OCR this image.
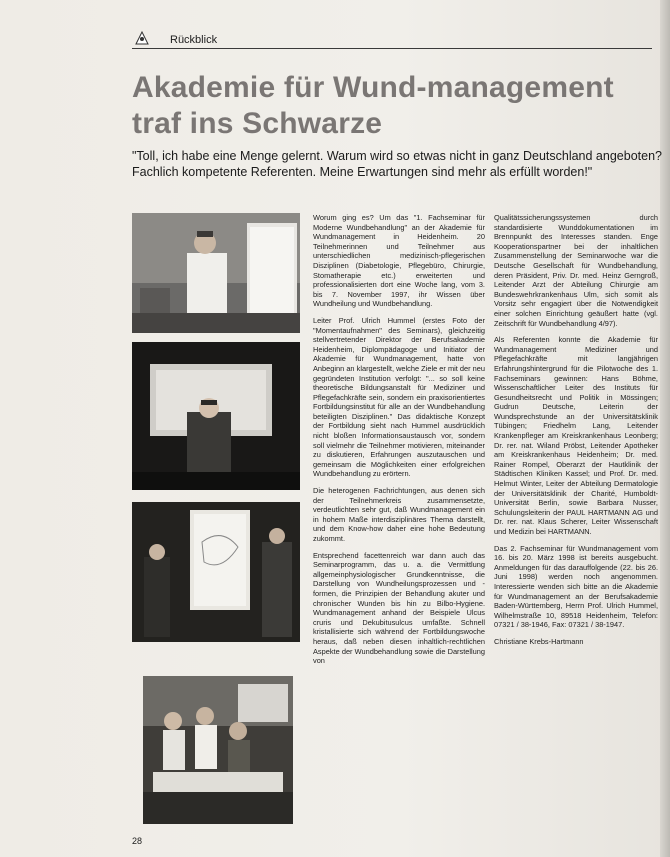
Rückblick
Akademie für Wund-management traf ins Schwarze
"Toll, ich habe eine Menge gelernt. Warum wird so etwas nicht in ganz Deutschland angeboten? Fachlich kompetente Referenten. Meine Erwartungen sind mehr als erfüllt worden!"

Worum ging es? Um das "1. Fachseminar für Moderne Wundbehandlung" an der Akademie für Wundmanagement in Heidenheim. 20 Teilnehmerinnen und Teilnehmer aus unterschiedlichen medizinisch-pflegerischen Disziplinen (Diabetologie, Pflegebüro, Chirurgie, Stomatherapie etc.) erweiterten und professionalisierten dort eine Woche lang, vom 3. bis 7. November 1997, ihr Wissen über Wundheilung und Wundbehandlung.

Leiter Prof. Ulrich Hummel (erstes Foto der "Momentaufnahmen" des Seminars), gleichzeitig stellvertretender Direktor der Berufsakademie Heidenheim, Diplompädagoge und Initiator der Akademie für Wundmanagement, hatte von Anbeginn an klargestellt, welche Ziele er mit der neu gegründeten Institution verfolgt: "... so soll keine theoretische Bildungsanstalt für Mediziner und Pflegefachkräfte sein, sondern ein praxisorientiertes Fortbildungsinstitut für alle an der Wundbehandlung beteiligten Disziplinen." Das didaktische Konzept der Fortbildung sieht nach Hummel ausdrücklich nicht bloßen Informationsaustausch vor, sondern soll vielmehr die Teilnehmer motivieren, miteinander zu diskutieren, Erfahrungen auszutauschen und gemeinsam die Möglichkeiten einer erfolgreichen Wundbehandlung zu erörtern.

Die heterogenen Fachrichtungen, aus denen sich der Teilnehmerkreis zusammensetzte, verdeutlichten sehr gut, daß Wundmanagement ein in hohem Maße interdisziplinäres Thema darstellt, und dem Know-how daher eine hohe Bedeutung zukommt.

Entsprechend facettenreich war dann auch das Seminarprogramm, das u. a. die Vermittlung allgemeinphysiologischer Grundkenntnisse, die Darstellung von Wundheilungsprozessen und -formen, die Prinzipien der Behandlung akuter und chronischer Wunden bis hin zu Bilbo-Hygiene. Wundmanagement anhand der Beispiele Ulcus cruris und Dekubitusulcus umfaßte. Schnell kristallisierte sich während der Fortbildungswoche heraus, daß neben diesen inhaltlich-rechtlichen Aspekte der Wundbehandlung sowie die Darstellung von

Qualitätssicherungssystemen durch standardisierte Wunddokumentationen im Brennpunkt des Interesses standen. Enge Kooperationspartner bei der inhaltlichen Zusammenstellung der Seminarwoche war die Deutsche Gesellschaft für Wundbehandlung, deren Präsident, Priv. Dr. med. Heinz Gerngroß, Leitender Arzt der Abteilung Chirurgie am Bundeswehrkrankenhaus Ulm, sich somit als Vorsitz sehr engagiert über die Notwendigkeit einer solchen Einrichtung geäußert hatte (vgl. Zeitschrift für Wundbehandlung 4/97).

Als Referenten konnte die Akademie für Wundmanagement Mediziner und Pflegefachkräfte mit langjährigen Erfahrungshintergrund für die Pilotwoche des 1. Fachseminars gewinnen: Hans Böhme, Wissenschaftlicher Leiter des Instituts für Gesundheitsrecht und Politik in Mössingen; Gudrun Deutsche, Leiterin der Wundsprechstunde an der Universitätsklinik Tübingen; Friedhelm Lang, Leitender Krankenpfleger am Kreiskrankenhaus Leonberg; Dr. rer. nat. Wiland Pröbst, Leitender Apotheker am Kreiskrankenhaus Heidenheim; Dr. med. Rainer Rompel, Oberarzt der Hautklinik der Städtischen Kliniken Kassel; und Prof. Dr. med. Helmut Winter, Leiter der Abteilung Dermatologie der Universitätsklinik der Charité, Humboldt-Universität Berlin, sowie Barbara Nusser, Schulungsleiterin der PAUL HARTMANN AG und Dr. rer. nat. Klaus Scherer, Leiter Wissenschaft und Medizin bei HARTMANN.

Das 2. Fachseminar für Wundmanagement vom 16. bis 20. März 1998 ist bereits ausgebucht. Anmeldungen für das darauffolgende (22. bis 26. Juni 1998) werden noch angenommen. Interessierte wenden sich bitte an die Akademie für Wundmanagement an der Berufsakademie Baden-Württemberg, Herrn Prof. Ulrich Hummel, Wilhelmstraße 10, 89518 Heidenheim, Telefon: 07321 / 38-1946, Fax: 07321 / 38-1947.

Christiane Krebs-Hartmann

28
